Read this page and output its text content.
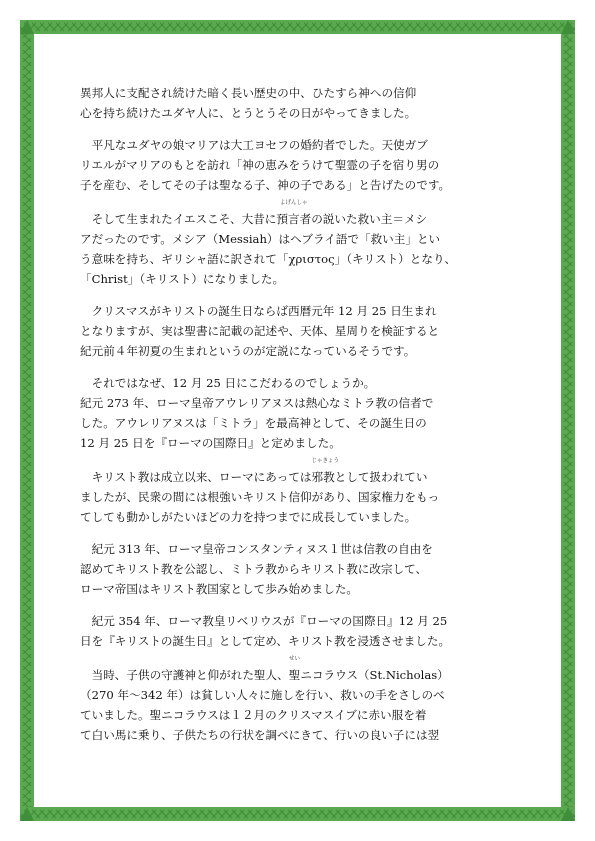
異邦人に支配され続けた暗く長い歴史の中、ひたすら神への信仰
心を持ち続けたユダヤ人に、とうとうその日がやってきました。

　平凡なユダヤの娘マリアは大工ヨセフの婚約者でした。天使ガブ
リエルがマリアのもとを訪れ「神の恵みをうけて聖霊の子を宿り男の
子を産む、そしてその子は聖なる子、神の子である」と告げたのです。

　そして生まれたイエスこそ、大昔に
よげんしゃ
預言者の説いた救い主＝メシ
アだったのです。メシア（Messiah）はヘブライ語で「救い主」とい
う意味を持ち、ギリシャ語に訳されて「χριστος」（キリスト）となり、
「Christ」（キリスト）になりました。

　クリスマスがキリストの誕生日ならば西暦元年 12 月 25 日生まれ
となりますが、実は聖書に記載の記述や、天体、星周りを検証すると
紀元前４年初夏の生まれというのが定説になっているそうです。

　それではなぜ、12 月 25 日にこだわるのでしょうか。
紀元 273 年、ローマ皇帝アウレリアヌスは熱心なミトラ教の信者で
した。アウレリアヌスは「ミトラ」を最高神として、その誕生日の
12 月 25 日を『ローマの国際日』と定めました。

　キリスト教は成立以来、ローマにあっては
じゃきょう
邪教として扱われてい
ましたが、民衆の間には根強いキリスト信仰があり、国家権力をもっ
てしても動かしがたいほどの力を持つまでに成長していました。

　紀元 313 年、ローマ皇帝コンスタンティヌス１世は信教の自由を
認めてキリスト教を公認し、ミトラ教からキリスト教に改宗して、
ローマ帝国はキリスト教国家として歩み始めました。

　紀元 354 年、ローマ教皇リベリウスが『ローマの国際日』12 月 25
日を『キリストの誕生日』として定め、キリスト教を浸透させました。

　当時、子供の守護神と仰がれた聖人、
せい
聖ニコラウス（St.Nicholas）
（270 年～342 年）は貧しい人々に施しを行い、救いの手をさしのべ
ていました。聖ニコラウスは１２月のクリスマスイブに赤い服を着
て白い馬に乗り、子供たちの行状を調べにきて、行いの良い子には翌
